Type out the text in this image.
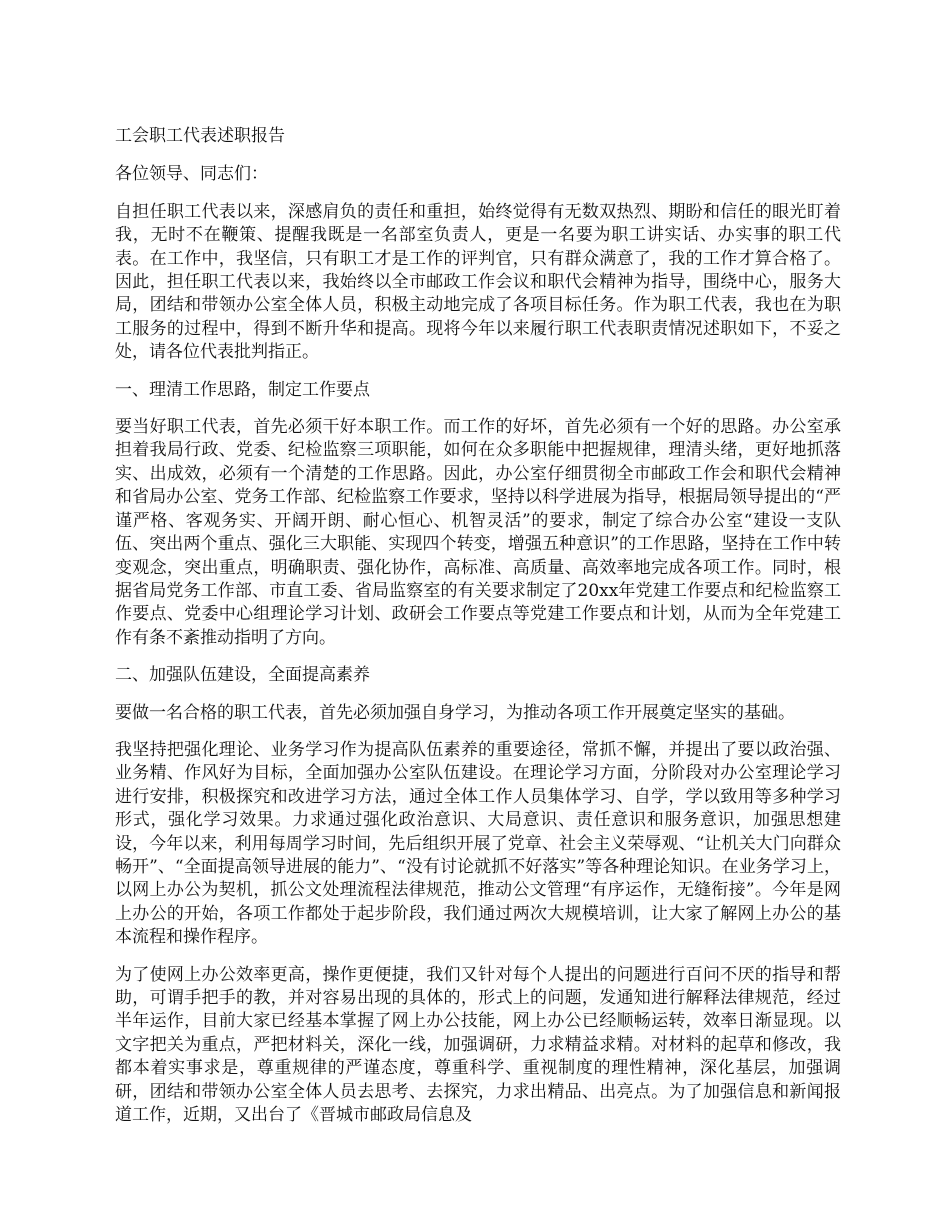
工会职工代表述职报告

各位领导、同志们：

自担任职工代表以来，深感肩负的责任和重担，始终觉得有无数双热烈、期盼和信任的眼光盯着我，无时不在鞭策、提醒我既是一名部室负责人，更是一名要为职工讲实话、办实事的职工代表。在工作中，我坚信，只有职工才是工作的评判官，只有群众满意了，我的工作才算合格了。因此，担任职工代表以来，我始终以全市邮政工作会议和职代会精神为指导，围绕中心，服务大局，团结和带领办公室全体人员，积极主动地完成了各项目标任务。作为职工代表，我也在为职工服务的过程中，得到不断升华和提高。现将今年以来履行职工代表职责情况述职如下，不妥之处，请各位代表批判指正。

一、理清工作思路，制定工作要点

要当好职工代表，首先必须干好本职工作。而工作的好坏，首先必须有一个好的思路。办公室承担着我局行政、党委、纪检监察三项职能，如何在众多职能中把握规律，理清头绪，更好地抓落实、出成效，必须有一个清楚的工作思路。因此，办公室仔细贯彻全市邮政工作会和职代会精神和省局办公室、党务工作部、纪检监察工作要求，坚持以科学进展为指导，根据局领导提出的“严谨严格、客观务实、开阔开朗、耐心恒心、机智灵活”的要求，制定了综合办公室“建设一支队伍、突出两个重点、强化三大职能、实现四个转变，增强五种意识”的工作思路，坚持在工作中转变观念，突出重点，明确职责、强化协作，高标准、高质量、高效率地完成各项工作。同时，根据省局党务工作部、市直工委、省局监察室的有关要求制定了20xx年党建工作要点和纪检监察工作要点、党委中心组理论学习计划、政研会工作要点等党建工作要点和计划，从而为全年党建工作有条不紊推动指明了方向。

二、加强队伍建设，全面提高素养

要做一名合格的职工代表，首先必须加强自身学习，为推动各项工作开展奠定坚实的基础。

我坚持把强化理论、业务学习作为提高队伍素养的重要途径，常抓不懈，并提出了要以政治强、业务精、作风好为目标，全面加强办公室队伍建设。在理论学习方面，分阶段对办公室理论学习进行安排，积极探究和改进学习方法，通过全体工作人员集体学习、自学，学以致用等多种学习形式，强化学习效果。力求通过强化政治意识、大局意识、责任意识和服务意识，加强思想建设，今年以来，利用每周学习时间，先后组织开展了党章、社会主义荣辱观、“让机关大门向群众畅开”、“全面提高领导进展的能力”、“没有讨论就抓不好落实”等各种理论知识。在业务学习上，以网上办公为契机，抓公文处理流程法律规范，推动公文管理“有序运作，无缝衔接”。今年是网上办公的开始，各项工作都处于起步阶段，我们通过两次大规模培训，让大家了解网上办公的基本流程和操作程序。

为了使网上办公效率更高，操作更便捷，我们又针对每个人提出的问题进行百问不厌的指导和帮助，可谓手把手的教，并对容易出现的具体的，形式上的问题，发通知进行解释法律规范，经过半年运作，目前大家已经基本掌握了网上办公技能，网上办公已经顺畅运转，效率日渐显现。以文字把关为重点，严把材料关，深化一线，加强调研，力求精益求精。对材料的起草和修改，我都本着实事求是，尊重规律的严谨态度，尊重科学、重视制度的理性精神，深化基层，加强调研，团结和带领办公室全体人员去思考、去探究，力求出精品、出亮点。为了加强信息和新闻报道工作，近期，又出台了《晋城市邮政局信息及
